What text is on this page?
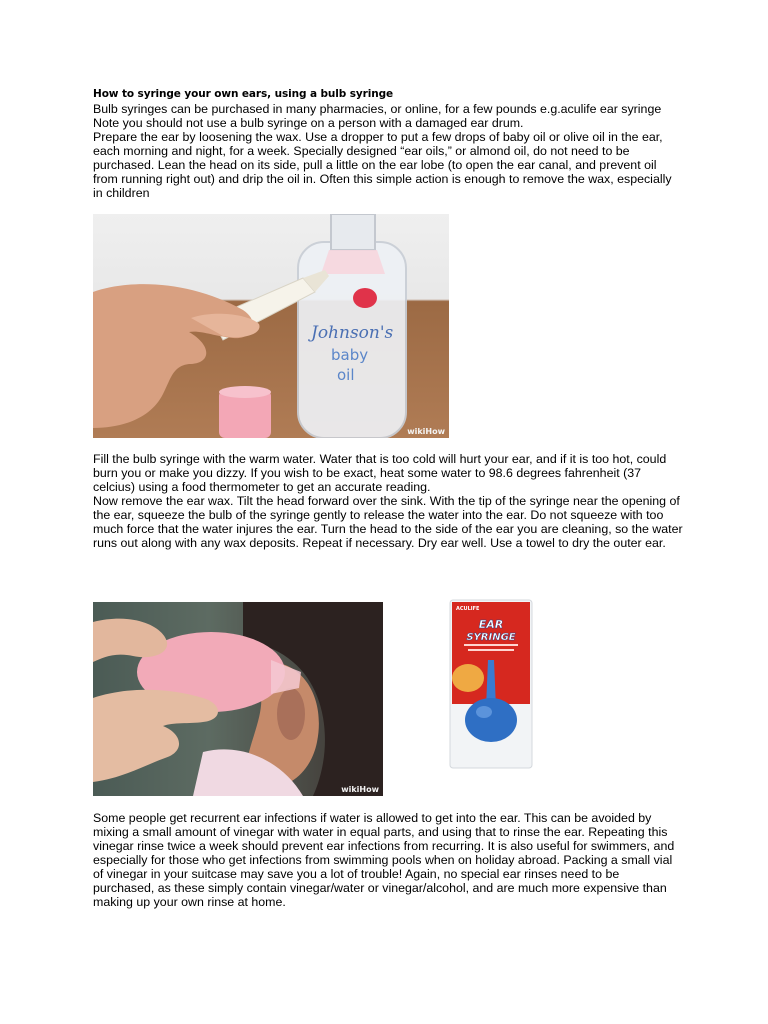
How to syringe your own ears, using a bulb syringe

Bulb syringes can be purchased in many pharmacies, or online, for a few pounds e.g.aculife ear syringe

Note you should not use a bulb syringe on a person with a damaged ear drum.

Prepare the ear by loosening the wax. Use a dropper to put a few drops of baby oil or olive oil in the ear, each morning and night, for a week. Specially designed “ear oils,” or almond oil, do not need to be purchased. Lean the head on its side, pull a little on the ear lobe (to open the ear canal, and prevent oil from running right out) and drip the oil in. Often this simple action is enough to remove the wax, especially in children

Johnson's
baby
oil
wikiHow

Fill the bulb syringe with the warm water. Water that is too cold will hurt your ear, and if it is too hot, could burn you or make you dizzy. If you wish to be exact, heat some water to 98.6 degrees fahrenheit (37 celcius) using a food thermometer to get an accurate reading.

Now remove the ear wax. Tilt the head forward over the sink. With the tip of the syringe near the opening of the ear, squeeze the bulb of the syringe gently to release the water into the ear. Do not squeeze with too much force that the water injures the ear. Turn the head to the side of the ear you are cleaning, so the water runs out along with any wax deposits. Repeat if necessary. Dry ear well. Use a towel to dry the outer ear.

wikiHow
ACULIFE
EAR
SYRINGE

Some people get recurrent ear infections if water is allowed to get into the ear. This can be avoided by mixing a small amount of vinegar with water in equal parts, and using that to rinse the ear. Repeating this vinegar rinse twice a week should prevent ear infections from recurring. It is also useful for swimmers, and especially for those who get infections from swimming pools when on holiday abroad. Packing a small vial of vinegar in your suitcase may save you a lot of trouble! Again, no special ear rinses need to be purchased, as these simply contain vinegar/water or vinegar/alcohol, and are much more expensive than making up your own rinse at home.
